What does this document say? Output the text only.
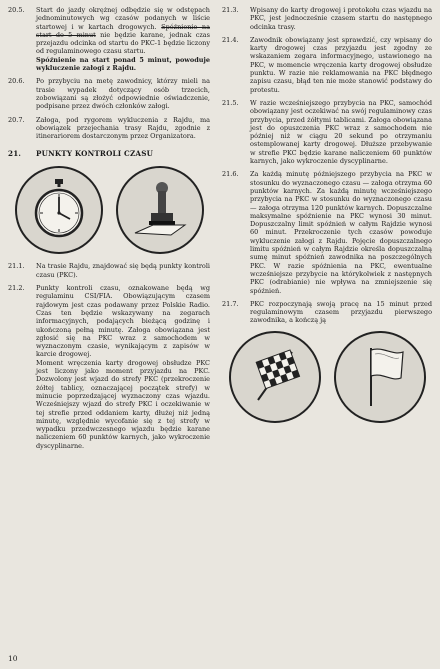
20.5.	Start do jazdy okrężnej odbędzie się w odstępach jednominutowych wg czasów podanych w liście startowej i w kartach drogowych. Spóźnienie na start do 5 minut nie będzie karane, jednak czas przejazdu odcinka od startu do PKC-1 będzie liczony od regulaminowego czasu startu.

Spóźnienie na start ponad 5 minut, powoduje wykluczenie załogi z Rajdu.

20.6.	Po przybyciu na metę zawodnicy, którzy mieli na trasie wypadek dotyczący osób trzecich, zobowiązani są złożyć odpowiednie oświadczenie, podpisane przez dwóch członków załogi.

20.7.	Załoga, pod rygorem wykluczenia z Rajdu, ma obowiązek przejechania trasy Rajdu, zgodnie z itinerariorem dostarczonym przez Organizatora.

21.	PUNKTY KONTROLI CZASU
21.1.	Na trasie Rajdu, znajdować się będą punkty kontroli czasu (PKC).

21.2.	Punkty kontroli czasu, oznakowane będą wg regulaminu CSI/FIA. Obowiązującym czasem rajdowym jest czas podawany przez Polskie Radio. Czas ten będzie wskazywany na zegarach informacyjnych, podających bieżącą godzinę i ukończoną pełną minutę. Załoga obowiązana jest zgłosić się na PKC wraz z samochodem w wyznaczonym czasie, wynikającym z zapisów w karcie drogowej.

Moment wręczenia karty drogowej obsłudze PKC jest liczony jako moment przyjazdu na PKC. Dozwolony jest wjazd do strefy PKC (przekroczenie żółtej tablicy, oznaczającej początek strefy) w minucie poprzedzającej wyznaczony czas wjazdu. Wcześniejszy wjazd do strefy PKC i oczekiwanie w tej strefie przed oddaniem karty, dłużej niż jedną minutę, względnie wycofanie się z tej strefy w wypadku przedwczesnego wjazdu będzie karane naliczeniem 60 punktów karnych, jako wykroczenie dyscyplinarne.

21.3.	Wpisany do karty drogowej i protokołu czas wjazdu na PKC, jest jednocześnie czasem startu do następnego odcinka trasy.

21.4.	Zawodnik obowiązany jest sprawdzić, czy wpisany do karty drogowej czas przyjazdu jest zgodny ze wskazaniem zegara informacyjnego, ustawionego na PKC, w momencie wręczenia karty drogowej obsłudze punktu. W razie nie reklamowania na PKC błędnego zapisu czasu, błąd ten nie może stanowić podstawy do protestu.

21.5.	W razie wcześniejszego przybycia na PKC, samochód obowiązany jest oczekiwać na swój regulaminowy czas przybycia, przed żółtymi tablicami. Załoga obowiązana jest do opuszczenia PKC wraz z samochodem nie później niż w ciągu 20 sekund po otrzymaniu ostemplowanej karty drogowej. Dłuższe przebywanie w strefie PKC będzie karane naliczeniem 60 punktów karnych, jako wykroczenie dyscyplinarne.

21.6.	Za każdą minutę późniejszego przybycia na PKC w stosunku do wyznaczonego czasu — załoga otrzyma 60 punktów karnych. Za każdą minutę wcześniejszego przybycia na PKC w stosunku do wyznaczonego czasu — załoga otrzyma 120 punktów karnych. Dopuszczalne maksymalne spóźnienie na PKC wynosi 30 minut. Dopuszczalny limit spóźnień w całym Rajdzie wynosi 60 minut. Przekroczenie tych czasów powoduje wykluczenie załogi z Rajdu. Pojęcie dopuszczalnego limitu spóźnień w całym Rajdzie określa dopuszczalną sumę minut spóźnień zawodnika na poszczególnych PKC. W razie spóźnienia na PKC, ewentualne wcześniejsze przybycie na którykolwiek z następnych PKC (odrabianie) nie wpływa na zmniejszenie się spóźnień.

21.7.	PKC rozpoczynają swoją pracę na 15 minut przed regulaminowym czasem przyjazdu pierwszego zawodnika, a kończą ją

10
